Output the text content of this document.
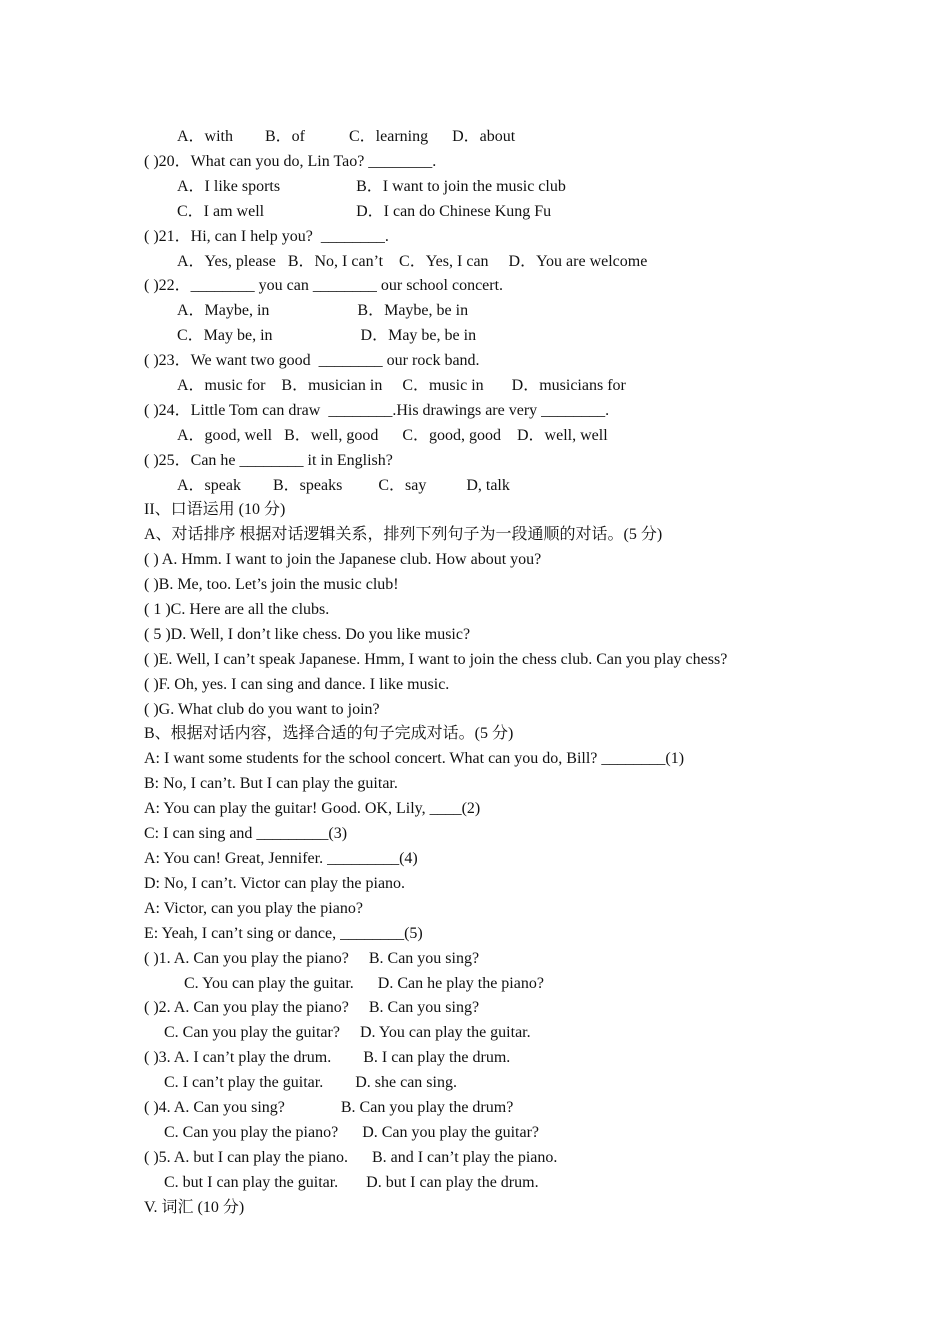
A．with        B．of           C．learning      D．about
( )20．What can you do, Lin Tao? ________.
A．I like sports                   B．I want to join the music club
C．I am well                       D．I can do Chinese Kung Fu
( )21．Hi, can I help you?  ________.
A．Yes, please   B．No, I can’t    C．Yes, I can     D．You are welcome
( )22．________ you can ________ our school concert.
A．Maybe, in                      B．Maybe, be in
C．May be, in                      D．May be, be in
( )23．We want two good  ________ our rock band.
A．music for    B．musician in     C．music in       D．musicians for
( )24．Little Tom can draw  ________.His drawings are very ________.
A．good, well   B．well, good      C．good, good    D．well, well
( )25．Can he ________ it in English?
A．speak        B．speaks         C．say          D, talk
II、口语运用 (10 分)
A、对话排序 根据对话逻辑关系，排列下列句子为一段通顺的对话。(5 分)
( ) A. Hmm. I want to join the Japanese club. How about you?
( )B. Me, too. Let’s join the music club!
( 1 )C. Here are all the clubs.
( 5 )D. Well, I don’t like chess. Do you like music?
( )E. Well, I can’t speak Japanese. Hmm, I want to join the chess club. Can you play chess?
( )F. Oh, yes. I can sing and dance. I like music.
( )G. What club do you want to join?
B、根据对话内容，选择合适的句子完成对话。(5 分)
A: I want some students for the school concert. What can you do, Bill? ________(1)
B: No, I can’t. But I can play the guitar.
A: You can play the guitar! Good. OK, Lily, ____(2)
C: I can sing and _________(3)
A: You can! Great, Jennifer. _________(4)
D: No, I can’t. Victor can play the piano.
A: Victor, can you play the piano?
E: Yeah, I can’t sing or dance, ________(5)
( )1. A. Can you play the piano?     B. Can you sing?
C. You can play the guitar.      D. Can he play the piano?
( )2. A. Can you play the piano?     B. Can you sing?
C. Can you play the guitar?     D. You can play the guitar.
( )3. A. I can’t play the drum.        B. I can play the drum.
C. I can’t play the guitar.        D. she can sing.
( )4. A. Can you sing?              B. Can you play the drum?
C. Can you play the piano?      D. Can you play the guitar?
( )5. A. but I can play the piano.      B. and I can’t play the piano.
C. but I can play the guitar.       D. but I can play the drum.
V. 词汇 (10 分)
